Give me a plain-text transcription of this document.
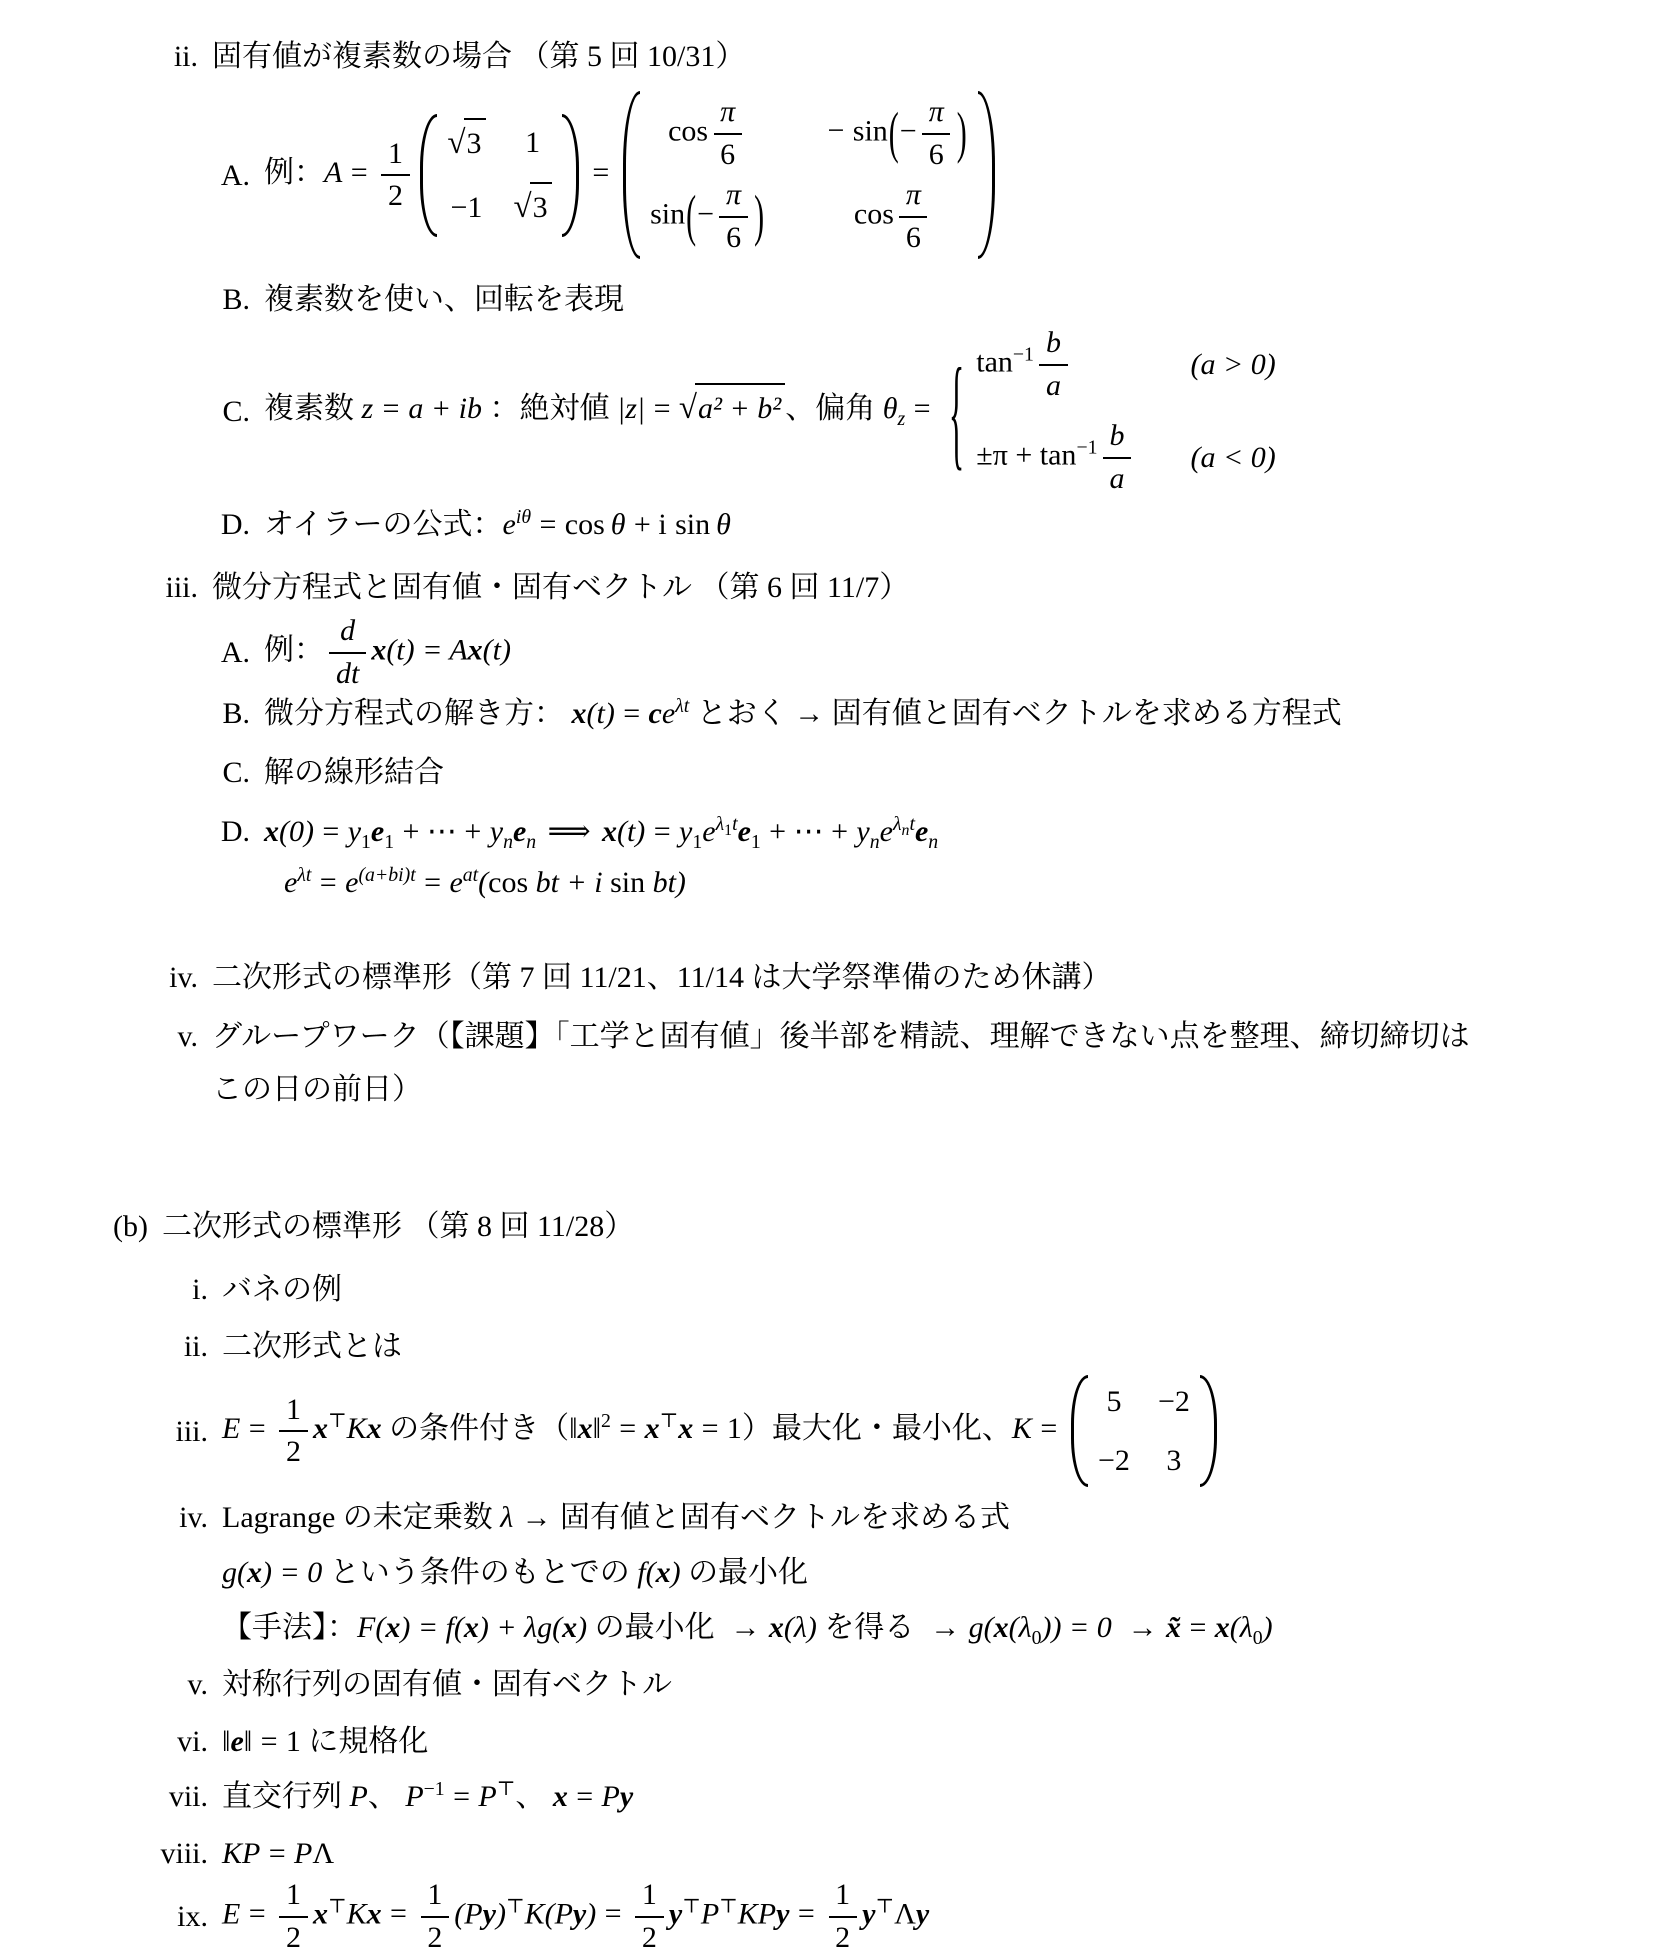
ii. 固有値が複素数の場合 （第 5 回 10/31）
A. 例：$A = \frac{1}{2} √3$ 1
−1 √3
=
$\cos \frac{\pi}{6}$	− $\sin(- \frac{\pi}{6}$ )
$\sin(- \frac{\pi}{6}$ )	$\cos \frac{\pi}{6}$
B. 複素数を使い、回転を表現
C. 複素数 z = a + ib ：絶対値 |z| = √a² + b² 、偏角 $\theta_z$ = { $\tan^{-1} \frac{b}{a}$	(a > 0)
$\pm\pi + \tan^{-1} \frac{b}{a} (a < 0)$
D. オイラーの公式：$e^{i\theta} = \cos \theta + i$ sin  θ
iii. 微分方程式と固有値・固有ベクトル （第 6 回 11/7）
A. 例： $\frac{d}{dt} x(t) = Ax(t)$
B. 微分方程式の解き方： $x(t) = ce^{\lambda t}$ とおく → 固有値と固有ベクトルを求める方程式
C. 解の線形結合
D. $x(0) = y_1e_1$ + ⋯ + $y_ne_n$ ⟹ $x(t) = y_1e^{\lambda_1t}e_1$ + ⋯ + $y_ne^{\lambda_nt}e_n$
$e^{\lambda t} = e^{(a+bi)t} = e^{at}(\cos$ bt + i sin bt)
iv. 二次形式の標準形（第 7 回 11/21、11/14 は大学祭準備のため休講）
v. グループワーク（【課題】「工学と固有値」後半部を精読、理解できない点を整理、締切締切は
この日の前日）
(b) 二次形式の標準形 （第 8 回 11/28）
i. バネの例
ii. 二次形式とは
iii. $E = \frac{1}{2} x^⊤Kx$ の条件付き（‖x‖$^2$ = x⊤x = 1）最大化・最小化、K =
5 −2
−2 3
iv. Lagrange の未定乗数 λ → 固有値と固有ベクトルを求める式
g(x) = 0 という条件のもとでの f(x) の最小化
【手法】：F(x) = f(x) + λg(x) の最小化 → x(λ) を得る → $g(x(\lambda_0)) = 0$ → x̃ = $x(\lambda_0)$
v. 対称行列の固有値・固有ベクトル
vi. ‖e‖ = 1 に規格化
vii. 直交行列 P、 $P^{-1} = P^⊤$、 x = Py
viii. KP = PΛ
ix. $E = \frac{1}{2} x^⊤Kx = \frac{1}{2} (Py)^⊤K(Py) = \frac{1}{2} y^⊤P^⊤KPy = \frac{1}{2} y^⊤\Lambda y$
